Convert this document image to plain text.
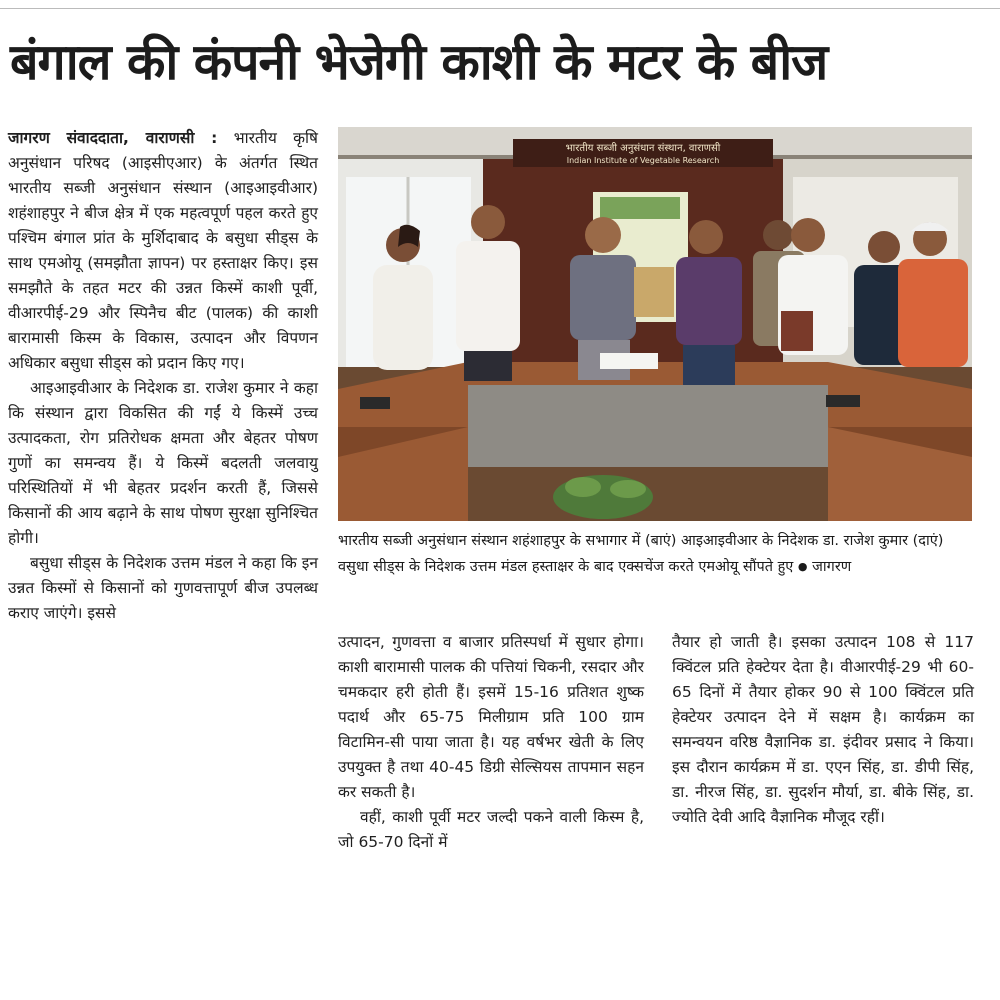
बंगाल की कंपनी भेजेगी काशी के मटर के बीज

जागरण संवाददाता, वाराणसी : भारतीय कृषि अनुसंधान परिषद (आइसीएआर) के अंतर्गत स्थित भारतीय सब्जी अनुसंधान संस्थान (आइआइवीआर) शहंशाहपुर ने बीज क्षेत्र में एक महत्वपूर्ण पहल करते हुए पश्चिम बंगाल प्रांत के मुर्शिदाबाद के बसुधा सीड्स के साथ एमओयू (समझौता ज्ञापन) पर हस्ताक्षर किए। इस समझौते के तहत मटर की उन्नत किस्में काशी पूर्वी, वीआरपीई-29 और स्पिनैच बीट (पालक) की काशी बारामासी किस्म के विकास, उत्पादन और विपणन अधिकार बसुधा सीड्स को प्रदान किए गए।

आइआइवीआर के निदेशक डा. राजेश कुमार ने कहा कि संस्थान द्वारा विकसित की गईं ये किस्में उच्च उत्पादकता, रोग प्रतिरोधक क्षमता और बेहतर पोषण गुणों का समन्वय हैं। ये किस्में बदलती जलवायु परिस्थितियों में भी बेहतर प्रदर्शन करती हैं, जिससे किसानों की आय बढ़ाने के साथ पोषण सुरक्षा सुनिश्चित होगी।

बसुधा सीड्स के निदेशक उत्तम मंडल ने कहा कि इन उन्नत किस्मों से किसानों को गुणवत्तापूर्ण बीज उपलब्ध कराए जाएंगे। इससे

भारतीय सब्जी अनुसंधान संस्थान, वाराणसी
Indian Institute of Vegetable Research
भारतीय सब्जी अनुसंधान संस्थान शहंशाहपुर के सभागार में (बाएं) आइआइवीआर के निदेशक डा. राजेश कुमार (दाएं) वसुधा सीड्स के निदेशक उत्तम मंडल हस्ताक्षर के बाद एक्सचेंज करते एमओयू सौंपते हुए ● जागरण

उत्पादन, गुणवत्ता व बाजार प्रतिस्पर्धा में सुधार होगा। काशी बारामासी पालक की पत्तियां चिकनी, रसदार और चमकदार हरी होती हैं। इसमें 15-16 प्रतिशत शुष्क पदार्थ और 65-75 मिलीग्राम प्रति 100 ग्राम विटामिन-सी पाया जाता है। यह वर्षभर खेती के लिए उपयुक्त है तथा 40-45 डिग्री सेल्सियस तापमान सहन कर सकती है।

वहीं, काशी पूर्वी मटर जल्दी पकने वाली किस्म है, जो 65-70 दिनों में

तैयार हो जाती है। इसका उत्पादन 108 से 117 क्विंटल प्रति हेक्टेयर देता है। वीआरपीई-29 भी 60-65 दिनों में तैयार होकर 90 से 100 क्विंटल प्रति हेक्टेयर उत्पादन देने में सक्षम है। कार्यक्रम का समन्वयन वरिष्ठ वैज्ञानिक डा. इंदीवर प्रसाद ने किया। इस दौरान कार्यक्रम में डा. एएन सिंह, डा. डीपी सिंह, डा. नीरज सिंह, डा. सुदर्शन मौर्या, डा. बीके सिंह, डा. ज्योति देवी आदि वैज्ञानिक मौजूद रहीं।
